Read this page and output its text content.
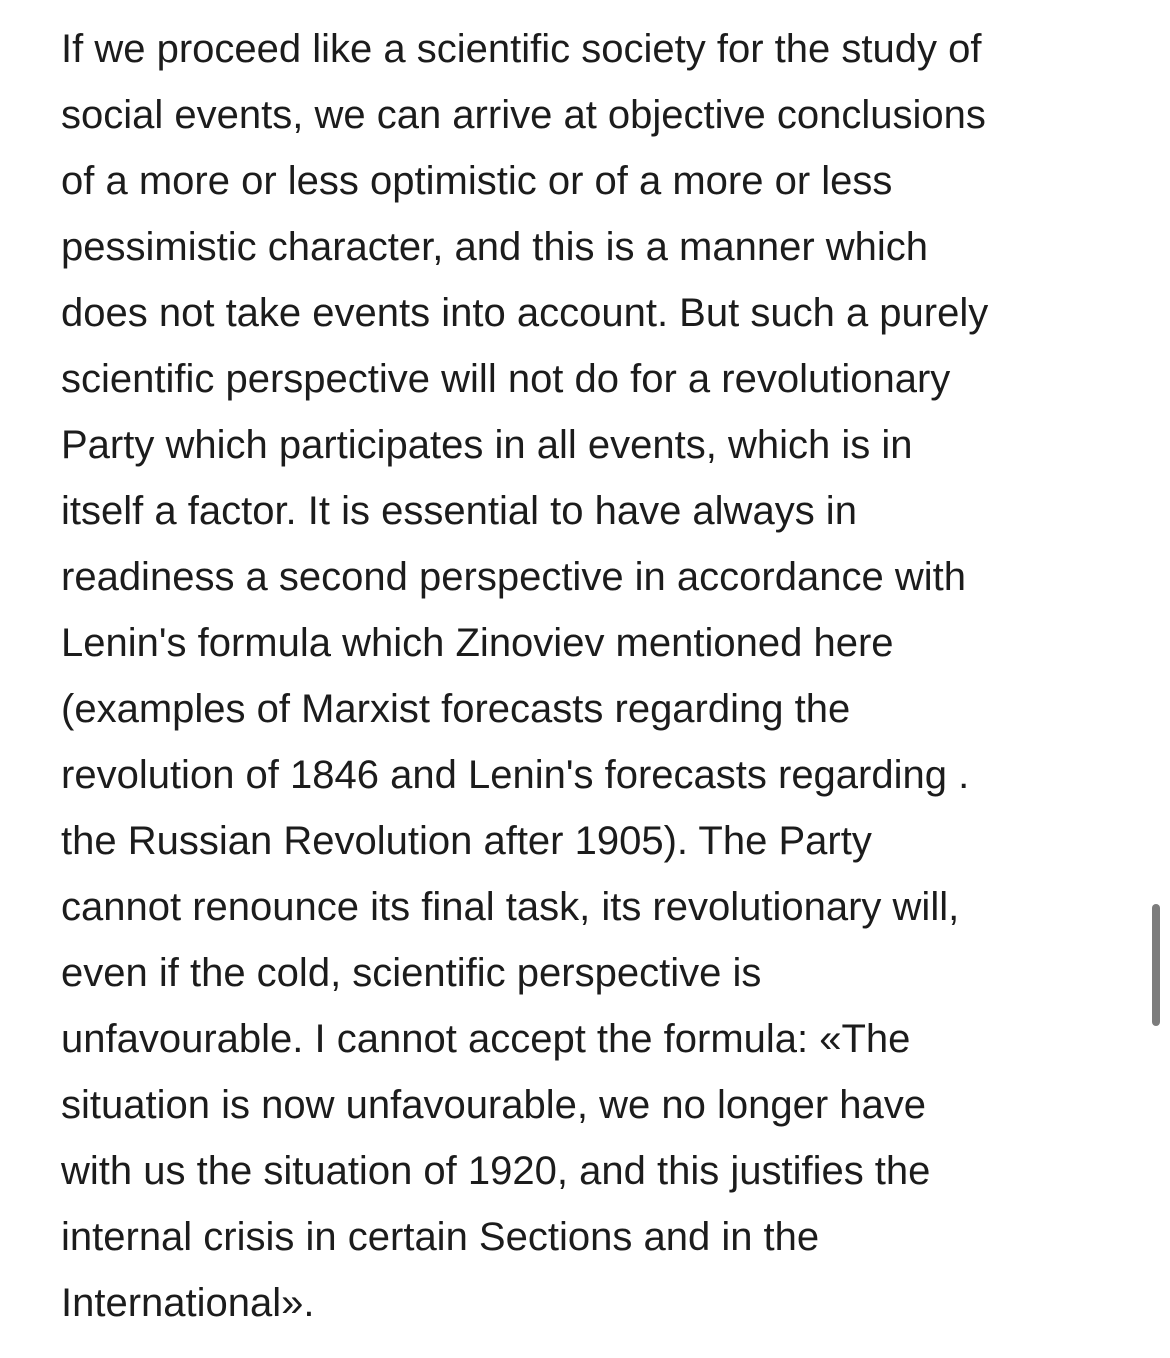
If we proceed like a scientific society for the study of
social events, we can arrive at objective conclusions
of a more or less optimistic or of a more or less
pessimistic character, and this is a manner which
does not take events into account. But such a purely
scientific perspective will not do for a revolutionary
Party which participates in all events, which is in
itself a factor. It is essential to have always in
readiness a second perspective in accordance with
Lenin's formula which Zinoviev mentioned here
(examples of Marxist forecasts regarding the
revolution of 1846 and Lenin's forecasts regarding .
the Russian Revolution after 1905). The Party
cannot renounce its final task, its revolutionary will,
even if the cold, scientific perspective is
unfavourable. I cannot accept the formula: «The
situation is now unfavourable, we no longer have
with us the situation of 1920, and this justifies the
internal crisis in certain Sections and in the
International».
